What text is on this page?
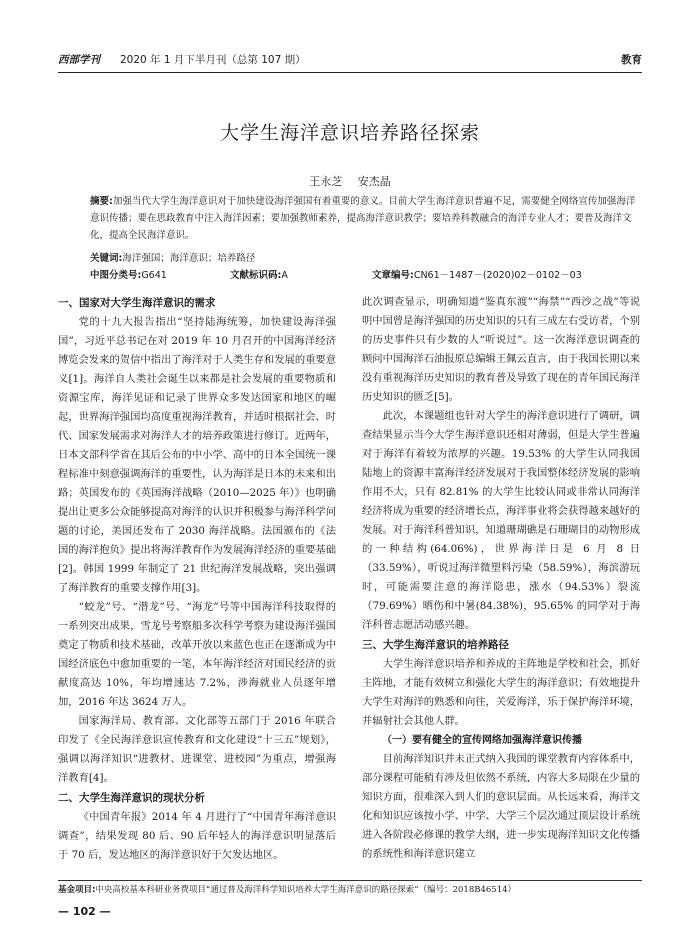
西部学刊 2020 年 1 月下半月刊（总第 107 期）	教育
大学生海洋意识培养路径探索
王永芝 安杰晶
摘要:加强当代大学生海洋意识对于加快建设海洋强国有着重要的意义。目前大学生海洋意识普遍不足，需要健全网络宣传加强海洋意识传播；要在思政教育中注入海洋因素；要加强教师素养，提高海洋意识教学；要培养科教融合的海洋专业人才；要普及海洋文化，提高全民海洋意识。
关键词:海洋强国；海洋意识；培养路径
中图分类号:G641	文献标识码:A	文章编号:CN61－1487－(2020)02－0102－03
一、国家对大学生海洋意识的需求

党的十九大报告指出“坚持陆海统筹，加快建设海洋强国”，习近平总书记在对 2019 年 10 月召开的中国海洋经济博览会发来的贺信中指出了海洋对于人类生存和发展的重要意义[1]。海洋自人类社会诞生以来都是社会发展的重要物质和资源宝库，海洋见证和记录了世界众多发达国家和地区的崛起，世界海洋强国均高度重视海洋教育，并适时根据社会、时代、国家发展需求对海洋人才的培养政策进行修订。近两年，日本文部科学省在其后公布的中小学、高中的日本全国统一课程标准中刻意强调海洋的重要性，认为海洋是日本的未来和出路；英国发布的《英国海洋战略（2010—2025 年）》也明确提出让更多公众能够提高对海洋的认识并积极参与海洋科学问题的讨论，美国还发布了 2030 海洋战略。法国颁布的《法国的海洋抱负》提出将海洋教育作为发展海洋经济的重要基础[2]。韩国 1999 年制定了 21 世纪海洋发展战略，突出强调了海洋教育的重要支撑作用[3]。

“蛟龙”号、“潜龙”号、“海龙”号等中国海洋科技取得的一系列突出成果，雪龙号考察船多次科学考察为建设海洋强国奠定了物质和技术基础，改革开放以来蓝色也正在逐渐成为中国经济底色中愈加重要的一笔，本年海洋经济对国民经济的贡献度高达 10%，年均增速达 7.2%，涉海就业人员逐年增加，2016 年达 3624 万人。

国家海洋局、教育部、文化部等五部门于 2016 年联合印发了《全民海洋意识宣传教育和文化建设“十三五”规划》，强调以海洋知识“进教材、进课堂、进校园”为重点，增强海洋教育[4]。

二、大学生海洋意识的现状分析

《中国青年报》2014 年 4 月进行了“中国青年海洋意识调查”，结果发现 80 后、90 后年轻人的海洋意识明显落后于 70 后，发达地区的海洋意识好于欠发达地区。

此次调查显示，明确知道“鉴真东渡”“海禁”“西沙之战”等说明中国曾是海洋强国的历史知识的只有三成左右受访者，个别的历史事件只有少数的人“听说过”。这一次海洋意识调查的顾问中国海洋石油报原总编辑王佩云直言，由于我国长期以来没有重视海洋历史知识的教育普及导致了现在的青年国民海洋历史知识的匮乏[5]。

此次，本课题组也针对大学生的海洋意识进行了调研，调查结果显示当今大学生海洋意识还相对薄弱，但是大学生普遍对于海洋有着较为浓厚的兴趣。19.53% 的大学生认同我国陆地上的资源丰富海洋经济发展对于我国整体经济发展的影响作用不大，只有 82.81% 的大学生比较认同或非常认同海洋经济将成为重要的经济增长点，海洋事业将会获得越来越好的发展。对于海洋科普知识，知道珊瑚礁是石珊瑚目的动物形成的一种结构(64.06%)，世界海洋日是 6 月 8 日（33.59%），听说过海洋微塑料污染（58.59%），海滨游玩时，可能需要注意的海洋隐患，涨水（94.53%）裂流（79.69%）晒伤和中暑(84.38%)，95.65% 的同学对于海洋科普志愿活动感兴趣。

三、大学生海洋意识的培养路径

大学生海洋意识培养和养成的主阵地是学校和社会，抓好主阵地，才能有效树立和强化大学生的海洋意识；有效地提升大学生对海洋的熟悉和向往，关爱海洋，乐于保护海洋环境，并辐射社会其他人群。

（一）要有健全的宣传网络加强海洋意识传播

目前海洋知识并未正式纳入我国的课堂教育内容体系中，部分课程可能稍有涉及但依然不系统，内容大多局限在少量的知识方面，很难深入到人们的意识层面。从长远来看，海洋文化和知识应该按小学、中学、大学三个层次通过顶层设计系统进入各阶段必修课的教学大纲，进一步实现海洋知识文化传播的系统性和海洋意识建立

基金项目:中央高校基本科研业务费项目“通过普及海洋科学知识培养大学生海洋意识的路径探索”（编号：2018B46514）
— 102 —
